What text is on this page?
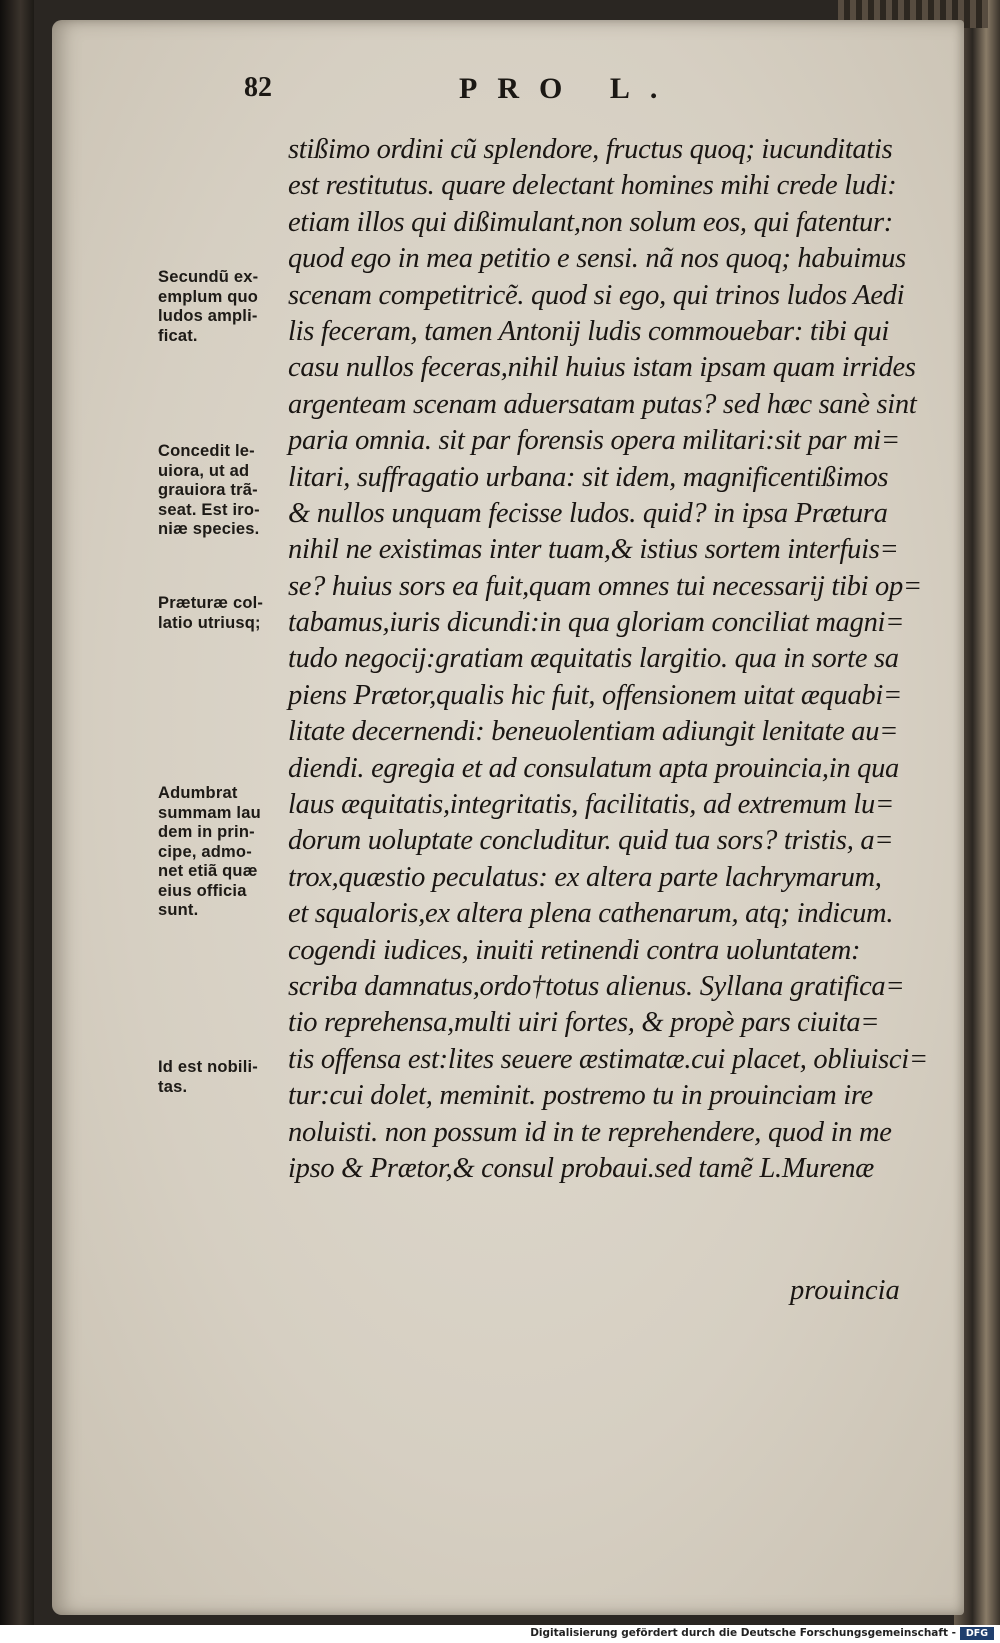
82	PRO L.
stißimo ordini cũ splendore, fructus quoq; iucunditatis
est restitutus. quare delectant homines mihi crede ludi:
etiam illos qui dißimulant,non solum eos, qui fatentur:
quod ego in mea petitio e sensi. nã nos quoq; habuimus
scenam competitricẽ. quod si ego, qui trinos ludos Aedi
lis feceram, tamen Antonij ludis commouebar: tibi qui
casu nullos feceras,nihil huius istam ipsam quam irrides
argenteam scenam aduersatam putas? sed hæc sanè sint
paria omnia. sit par forensis opera militari:sit par mi=
litari, suffragatio urbana: sit idem, magnificentißimos
& nullos unquam fecisse ludos. quid? in ipsa Prætura
nihil ne existimas inter tuam,& istius sortem interfuis=
se? huius sors ea fuit,quam omnes tui necessarij tibi op=
tabamus,iuris dicundi:in qua gloriam conciliat magni=
tudo negocij:gratiam æquitatis largitio. qua in sorte sa
piens Prætor,qualis hic fuit, offensionem uitat æquabi=
litate decernendi: beneuolentiam adiungit lenitate au=
diendi. egregia et ad consulatum apta prouincia,in qua
laus æquitatis,integritatis, facilitatis, ad extremum lu=
dorum uoluptate concluditur. quid tua sors? tristis, a=
trox,quæstio peculatus: ex altera parte lachrymarum,
et squaloris,ex altera plena cathenarum, atq; indicum.
cogendi iudices, inuiti retinendi contra uoluntatem:
scriba damnatus,ordo†totus alienus. Syllana gratifica=
tio reprehensa,multi uiri fortes, & propè pars ciuita=
tis offensa est:lites seuere æstimatæ.cui placet, obliuisci=
tur:cui dolet, meminit. postremo tu in prouinciam ire
noluisti. non possum id in te reprehendere, quod in me
ipso & Prætor,& consul probaui.sed tamẽ L.Murenæ
prouincia
Secundũ ex-
emplum quo
ludos ampli-
ficat.
Concedit le-
uiora, ut ad
grauiora trã-
seat. Est iro-
niæ species.
Præturæ col-
latio utriusq;
Adumbrat
summam lau
dem in prin-
cipe, admo-
net etiã quæ
eius officia
sunt.
Id est nobili-
tas.
Digitalisierung gefördert durch die Deutsche Forschungsgemeinschaft -	DFG
